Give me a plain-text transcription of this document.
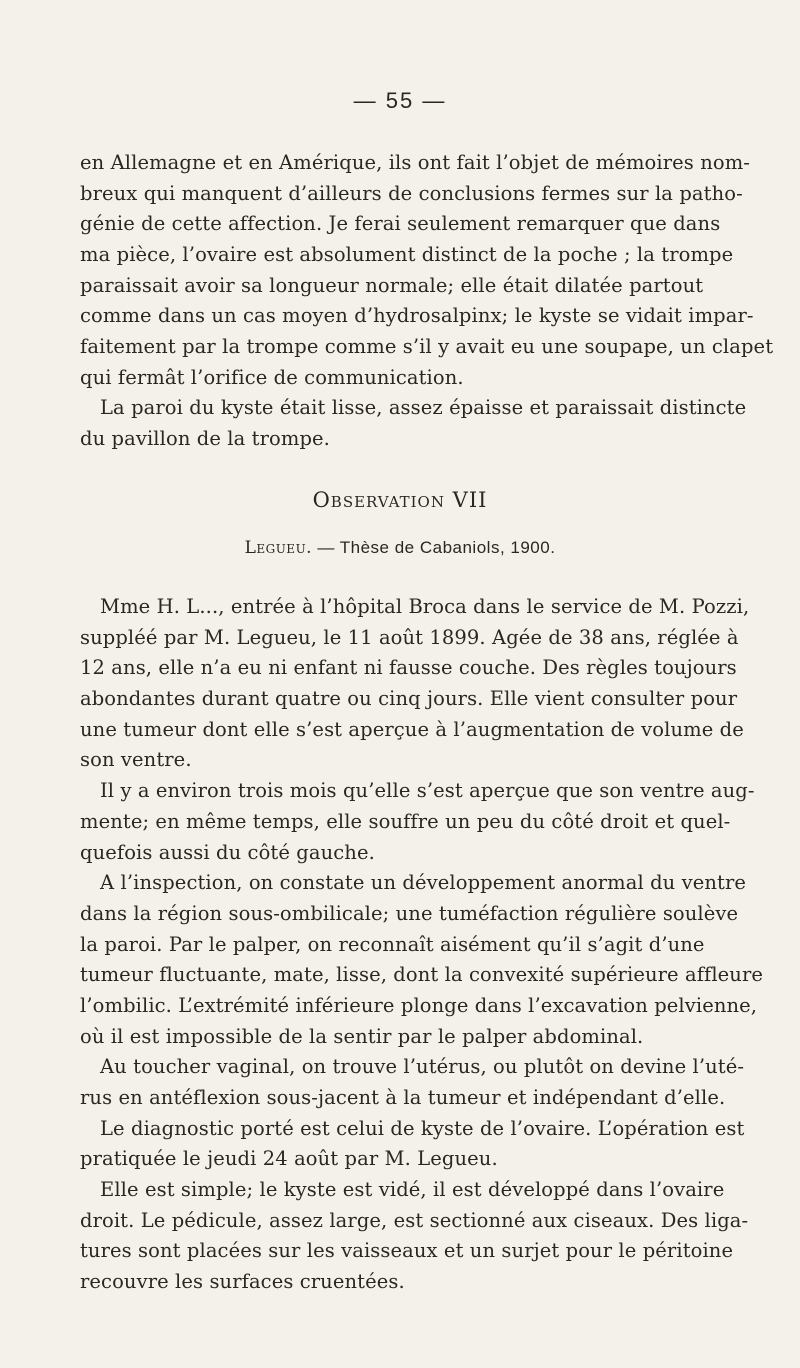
— 55 —
en Allemagne et en Amérique, ils ont fait l’objet de mémoires nom-
breux qui manquent d’ailleurs de conclusions fermes sur la patho-
génie de cette affection. Je ferai seulement remarquer que dans
ma pièce, l’ovaire est absolument distinct de la poche ; la trompe
paraissait avoir sa longueur normale; elle était dilatée partout
comme dans un cas moyen d’hydrosalpinx; le kyste se vidait impar-
faitement par la trompe comme s’il y avait eu une soupape, un clapet
qui fermât l’orifice de communication.
La paroi du kyste était lisse, assez épaisse et paraissait distincte
du pavillon de la trompe.
Observation VII
Legueu. — Thèse de Cabaniols, 1900.
Mme H. L..., entrée à l’hôpital Broca dans le service de M. Pozzi,
suppléé par M. Legueu, le 11 août 1899. Agée de 38 ans, réglée à
12 ans, elle n’a eu ni enfant ni fausse couche. Des règles toujours
abondantes durant quatre ou cinq jours. Elle vient consulter pour
une tumeur dont elle s’est aperçue à l’augmentation de volume de
son ventre.
Il y a environ trois mois qu’elle s’est aperçue que son ventre aug-
mente; en même temps, elle souffre un peu du côté droit et quel-
quefois aussi du côté gauche.
A l’inspection, on constate un développement anormal du ventre
dans la région sous-ombilicale; une tuméfaction régulière soulève
la paroi. Par le palper, on reconnaît aisément qu’il s’agit d’une
tumeur fluctuante, mate, lisse, dont la convexité supérieure affleure
l’ombilic. L’extrémité inférieure plonge dans l’excavation pelvienne,
où il est impossible de la sentir par le palper abdominal.
Au toucher vaginal, on trouve l’utérus, ou plutôt on devine l’uté-
rus en antéflexion sous-jacent à la tumeur et indépendant d’elle.
Le diagnostic porté est celui de kyste de l’ovaire. L’opération est
pratiquée le jeudi 24 août par M. Legueu.
Elle est simple; le kyste est vidé, il est développé dans l’ovaire
droit. Le pédicule, assez large, est sectionné aux ciseaux. Des liga-
tures sont placées sur les vaisseaux et un surjet pour le péritoine
recouvre les surfaces cruentées.
